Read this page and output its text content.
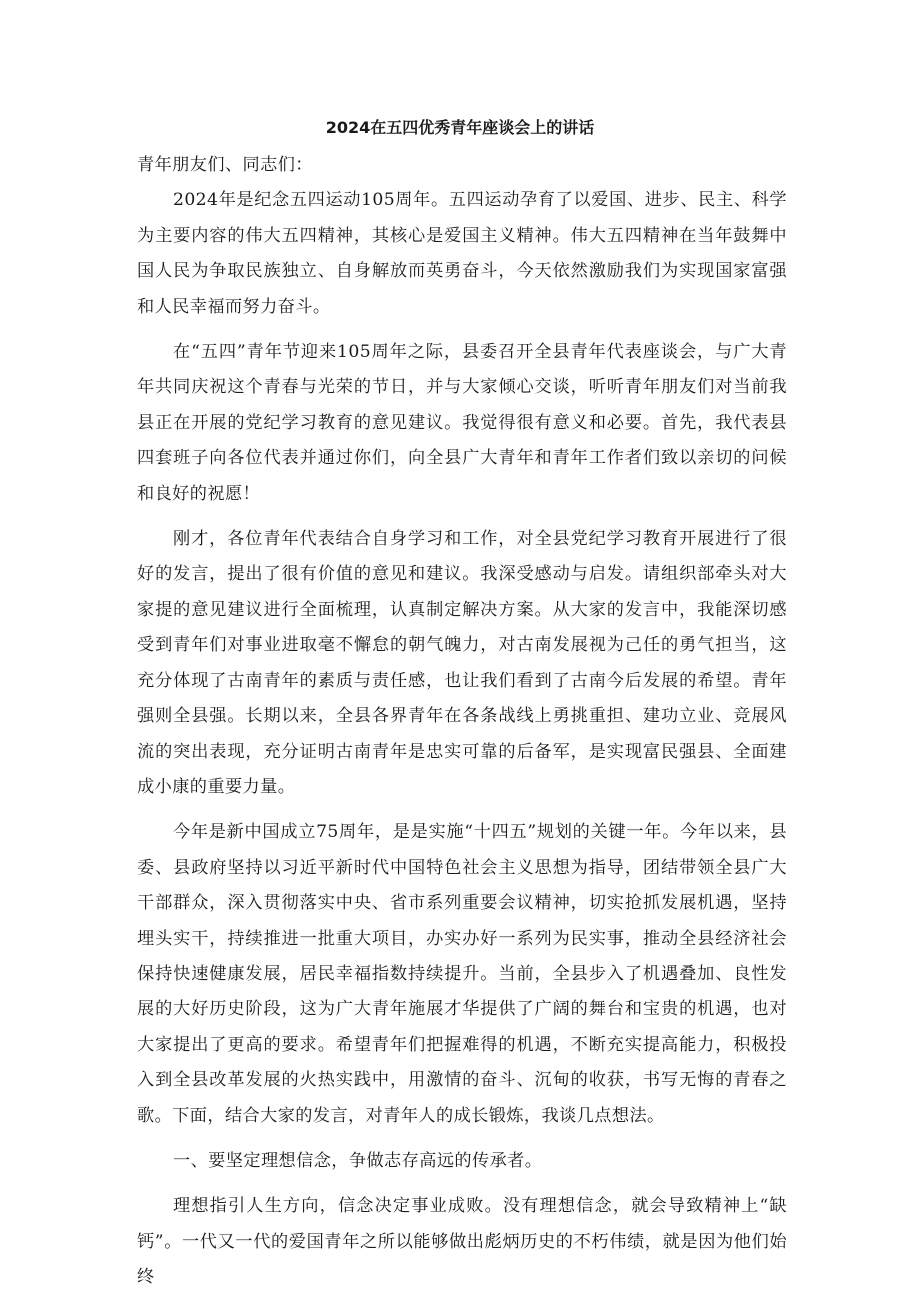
2024在五四优秀青年座谈会上的讲话

青年朋友们、同志们：

2024年是纪念五四运动105周年。五四运动孕育了以爱国、进步、民主、科学为主要内容的伟大五四精神，其核心是爱国主义精神。伟大五四精神在当年鼓舞中国人民为争取民族独立、自身解放而英勇奋斗，今天依然激励我们为实现国家富强和人民幸福而努力奋斗。

在“五四”青年节迎来105周年之际，县委召开全县青年代表座谈会，与广大青年共同庆祝这个青春与光荣的节日，并与大家倾心交谈，听听青年朋友们对当前我县正在开展的党纪学习教育的意见建议。我觉得很有意义和必要。首先，我代表县四套班子向各位代表并通过你们，向全县广大青年和青年工作者们致以亲切的问候和良好的祝愿！

刚才，各位青年代表结合自身学习和工作，对全县党纪学习教育开展进行了很好的发言，提出了很有价值的意见和建议。我深受感动与启发。请组织部牵头对大家提的意见建议进行全面梳理，认真制定解决方案。从大家的发言中，我能深切感受到青年们对事业进取毫不懈怠的朝气魄力，对古南发展视为己任的勇气担当，这充分体现了古南青年的素质与责任感，也让我们看到了古南今后发展的希望。青年强则全县强。长期以来，全县各界青年在各条战线上勇挑重担、建功立业、竞展风流的突出表现，充分证明古南青年是忠实可靠的后备军，是实现富民强县、全面建成小康的重要力量。

今年是新中国成立75周年，是是实施“十四五”规划的关键一年。今年以来，县委、县政府坚持以习近平新时代中国特色社会主义思想为指导，团结带领全县广大干部群众，深入贯彻落实中央、省市系列重要会议精神，切实抢抓发展机遇，坚持埋头实干，持续推进一批重大项目，办实办好一系列为民实事，推动全县经济社会保持快速健康发展，居民幸福指数持续提升。当前，全县步入了机遇叠加、良性发展的大好历史阶段，这为广大青年施展才华提供了广阔的舞台和宝贵的机遇，也对大家提出了更高的要求。希望青年们把握难得的机遇，不断充实提高能力，积极投入到全县改革发展的火热实践中，用激情的奋斗、沉甸的收获，书写无悔的青春之歌。下面，结合大家的发言，对青年人的成长锻炼，我谈几点想法。

一、要坚定理想信念，争做志存高远的传承者。

理想指引人生方向，信念决定事业成败。没有理想信念，就会导致精神上“缺钙”。一代又一代的爱国青年之所以能够做出彪炳历史的不朽伟绩，就是因为他们始终
